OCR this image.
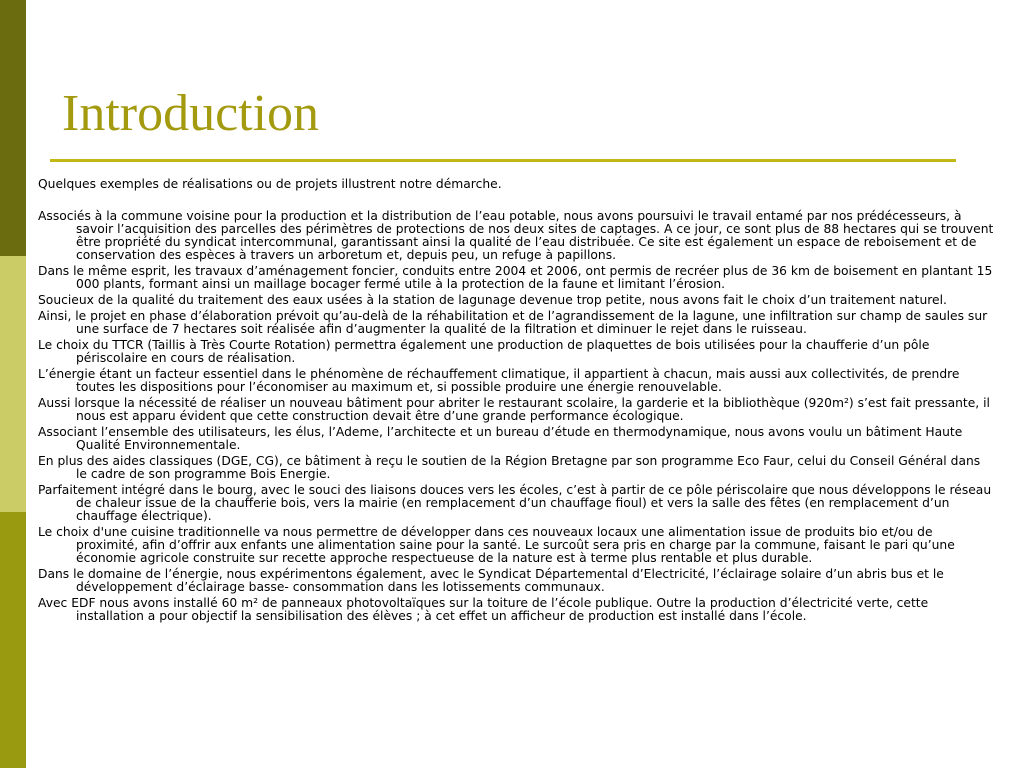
Introduction

Quelques exemples de réalisations ou de projets illustrent notre démarche.

Associés à la commune voisine pour la production et la distribution de l’eau potable, nous avons poursuivi le travail entamé par nos prédécesseurs, à savoir l’acquisition des parcelles des périmètres de protections de nos deux sites de captages. A ce jour, ce sont plus de 88 hectares qui se trouvent être propriété du syndicat intercommunal, garantissant ainsi la qualité de l’eau distribuée. Ce site est également un espace de reboisement et de conservation des espèces à travers un arboretum et, depuis peu, un refuge à papillons.

Dans le même esprit, les travaux d’aménagement foncier, conduits entre 2004 et 2006, ont permis de recréer plus de 36 km de boisement en plantant 15 000 plants, formant ainsi un maillage bocager fermé utile à la protection de la faune et limitant l’érosion.

Soucieux de la qualité du traitement des eaux usées à la station de lagunage devenue trop petite, nous avons fait le choix d’un traitement naturel.

Ainsi, le projet en phase d’élaboration prévoit qu’au-delà de la réhabilitation et de l’agrandissement de la lagune, une infiltration sur champ de saules sur une surface de 7 hectares soit réalisée afin d’augmenter la qualité de la filtration et diminuer le rejet dans le ruisseau.

Le choix du TTCR (Taillis à Très Courte Rotation) permettra également une production de plaquettes de bois utilisées pour la chaufferie d’un pôle périscolaire en cours de réalisation.

L’énergie étant un facteur essentiel dans le phénomène de réchauffement climatique, il appartient à chacun, mais aussi aux collectivités, de prendre toutes les dispositions pour l’économiser au maximum et, si possible produire une énergie renouvelable.

Aussi lorsque la nécessité de réaliser un nouveau bâtiment pour abriter le restaurant scolaire, la garderie et la bibliothèque (920m²) s’est fait pressante, il nous est apparu évident que cette construction devait être d’une grande performance écologique.

Associant l’ensemble des utilisateurs, les élus, l’Ademe, l’architecte et un bureau d’étude en thermodynamique, nous avons voulu un bâtiment Haute Qualité Environnementale.

En plus des aides classiques (DGE, CG), ce bâtiment à reçu le soutien de la Région Bretagne par son programme Eco Faur, celui du Conseil Général dans le cadre de son programme Bois Energie.

Parfaitement intégré dans le bourg, avec le souci des liaisons douces vers les écoles, c’est à partir de ce pôle périscolaire que nous développons le réseau de chaleur issue de la chaufferie bois, vers la mairie (en remplacement d’un chauffage fioul) et vers la salle des fêtes (en remplacement d’un chauffage électrique).

Le choix d'une cuisine traditionnelle va nous permettre de développer dans ces nouveaux locaux une alimentation issue de produits bio et/ou de proximité, afin d’offrir aux enfants une alimentation saine pour la santé. Le surcoût sera pris en charge par la commune, faisant le pari qu’une économie agricole construite sur recette approche respectueuse de la nature est à terme plus rentable et plus durable.

Dans le domaine de l’énergie, nous expérimentons également, avec le Syndicat Départemental d’Electricité, l’éclairage solaire d’un abris bus et le développement d’éclairage basse- consommation dans les lotissements communaux.

Avec EDF nous avons installé 60 m² de panneaux photovoltaïques sur la toiture de l’école publique. Outre la production d’électricité verte, cette installation a pour objectif la sensibilisation des élèves ; à cet effet un afficheur de production est installé dans l’école.
